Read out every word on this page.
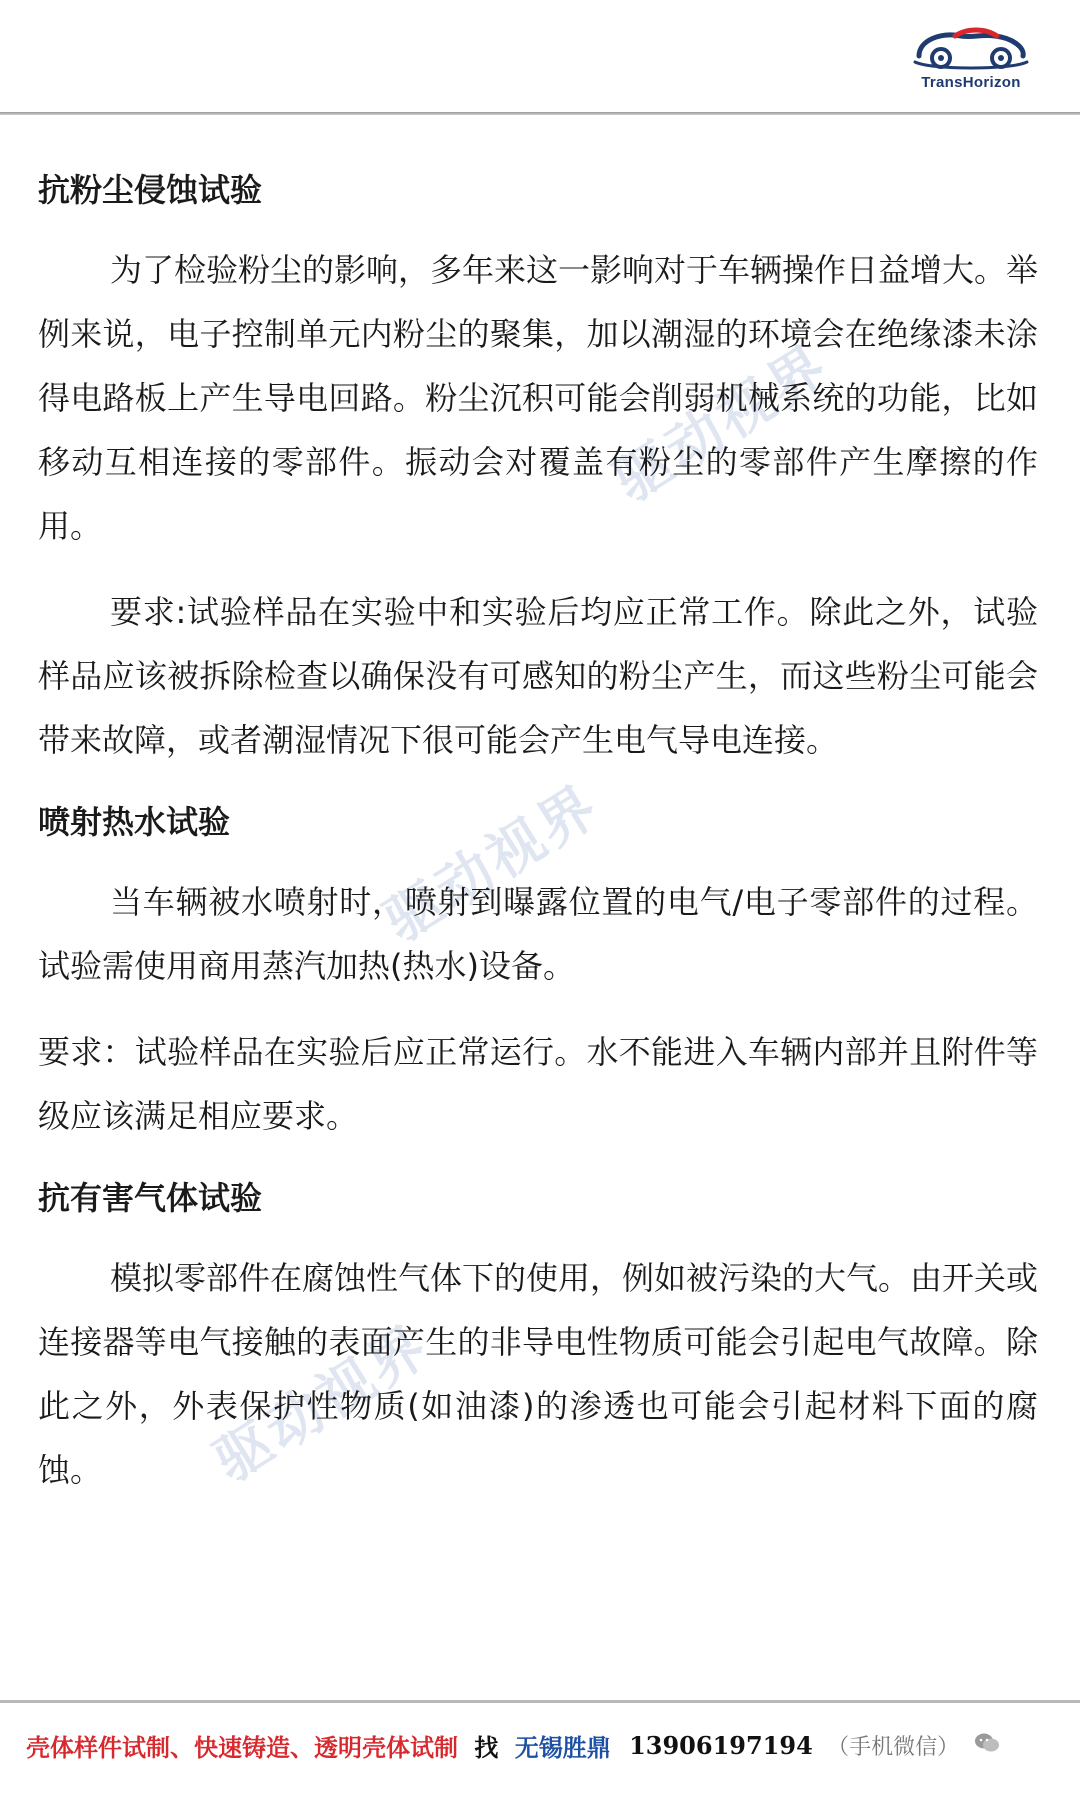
TransHorizon
驱动视界
驱动视界
驱动视界
抗粉尘侵蚀试验

为了检验粉尘的影响，多年来这一影响对于车辆操作日益增大。举例来说，电子控制单元内粉尘的聚集，加以潮湿的环境会在绝缘漆未涂得电路板上产生导电回路。粉尘沉积可能会削弱机械系统的功能，比如移动互相连接的零部件。振动会对覆盖有粉尘的零部件产生摩擦的作用。

要求:试验样品在实验中和实验后均应正常工作。除此之外，试验样品应该被拆除检查以确保没有可感知的粉尘产生，而这些粉尘可能会带来故障，或者潮湿情况下很可能会产生电气导电连接。

喷射热水试验

当车辆被水喷射时，喷射到曝露位置的电气/电子零部件的过程。试验需使用商用蒸汽加热(热水)设备。

要求：试验样品在实验后应正常运行。水不能进入车辆内部并且附件等级应该满足相应要求。

抗有害气体试验

模拟零部件在腐蚀性气体下的使用，例如被污染的大气。由开关或连接器等电气接触的表面产生的非导电性物质可能会引起电气故障。除此之外，外表保护性物质(如油漆)的渗透也可能会引起材料下面的腐蚀。

壳体样件试制、快速铸造、透明壳体试制 找 无锡胜鼎 13906197194 （手机微信）
